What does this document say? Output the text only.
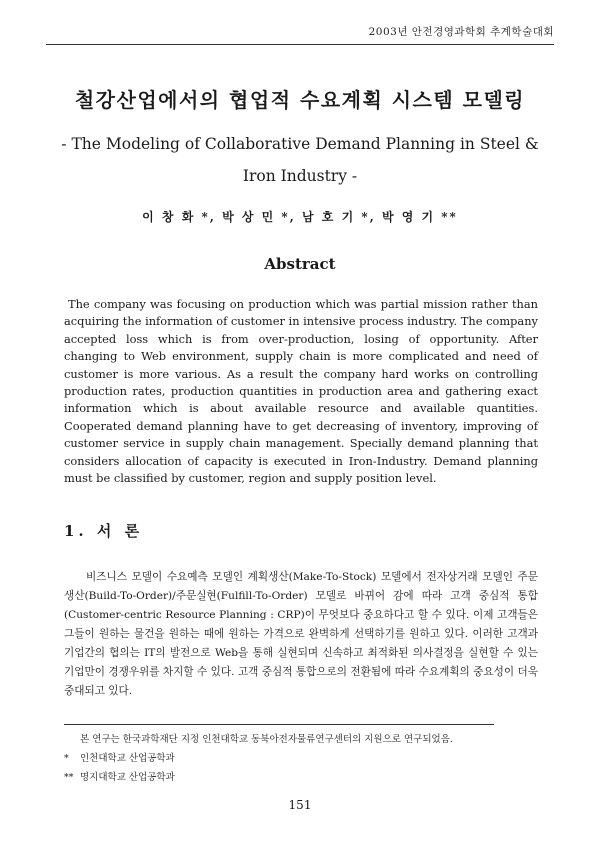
2003년 안전경영과학회 추계학술대회
철강산업에서의 협업적 수요계획 시스템 모델링
- The Modeling of Collaborative Demand Planning in Steel & Iron Industry -
이 창 화 *, 박 상 민 *, 남 호 기 *, 박 영 기 **
Abstract

The company was focusing on production which was partial mission rather than acquiring the information of customer in intensive process industry. The company accepted loss which is from over-production, losing of opportunity. After changing to Web environment, supply chain is more complicated and need of customer is more various. As a result the company hard works on controlling production rates, production quantities in production area and gathering exact information which is about available resource and available quantities. Cooperated demand planning have to get decreasing of inventory, improving of customer service in supply chain management. Specially demand planning that considers allocation of capacity is executed in Iron-Industry. Demand planning must be classified by customer, region and supply position level.

1. 서 론

비즈니스 모델이 수요예측 모델인 계획생산(Make-To-Stock) 모델에서 전자상거래 모델인 주문생산(Build-To-Order)/주문실현(Fulfill-To-Order) 모델로 바뀌어 감에 따라 고객 중심적 통합(Customer-centric Resource Planning : CRP)이 무엇보다 중요하다고 할 수 있다. 이제 고객들은 그들이 원하는 물건을 원하는 때에 원하는 가격으로 완벽하게 선택하기를 원하고 있다. 이러한 고객과 기업간의 협의는 IT의 발전으로 Web을 통해 실현되며 신속하고 최적화된 의사결정을 실현할 수 있는 기업만이 경쟁우위를 차지할 수 있다. 고객 중심적 통합으로의 전환됨에 따라 수요계획의 중요성이 더욱 중대되고 있다.

본 연구는 한국과학재단 지정 인천대학교 동북아전자물류연구센터의 지원으로 연구되었음.
* 인천대학교 산업공학과
** 명지대학교 산업공학과
151
